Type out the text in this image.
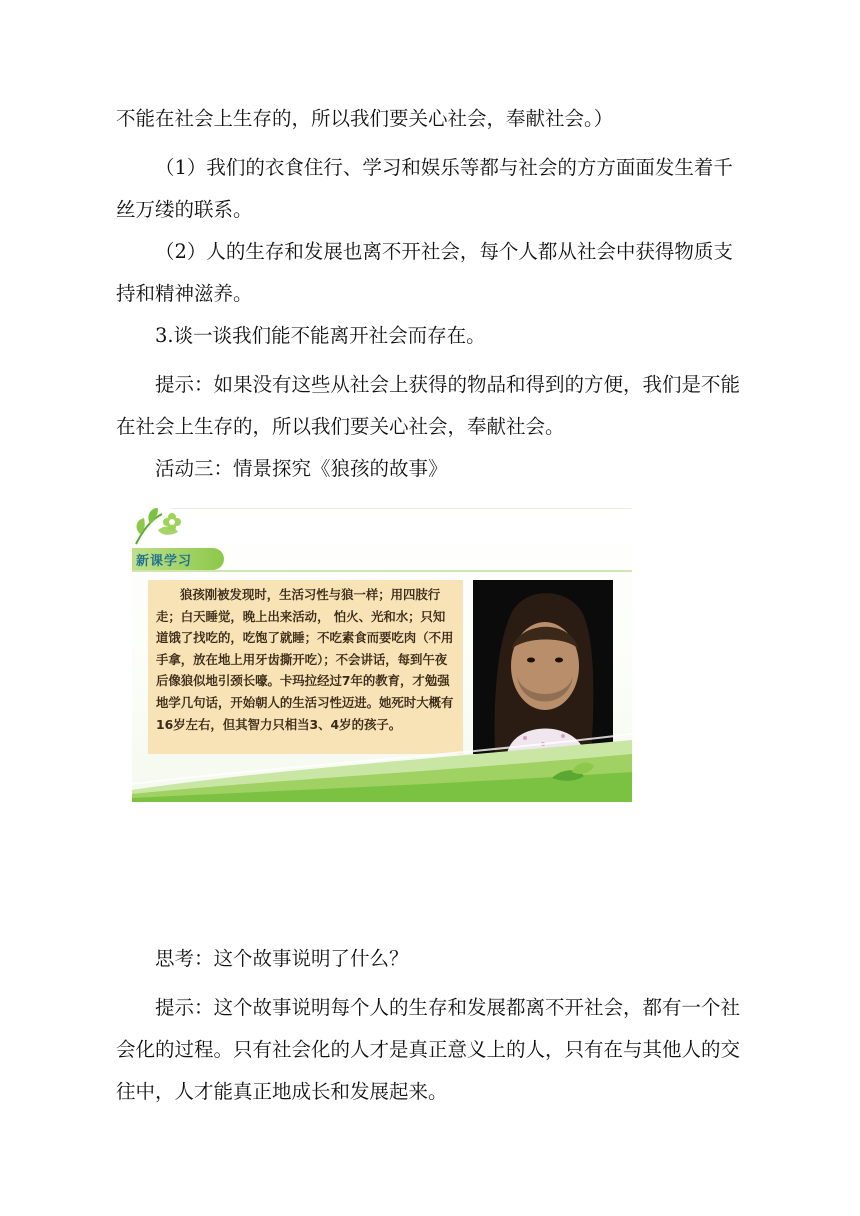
不能在社会上生存的，所以我们要关心社会，奉献社会。）

（1）我们的衣食住行、学习和娱乐等都与社会的方方面面发生着千丝万缕的联系。

（2）人的生存和发展也离不开社会，每个人都从社会中获得物质支持和精神滋养。

3.谈一谈我们能不能离开社会而存在。

提示：如果没有这些从社会上获得的物品和得到的方便，我们是不能在社会上生存的，所以我们要关心社会，奉献社会。

活动三：情景探究《狼孩的故事》

新课学习

狼孩刚被发现时，生活习性与狼一样；用四肢行走；白天睡觉，晚上出来活动， 怕火、光和水；只知道饿了找吃的，吃饱了就睡；不吃素食而要吃肉（不用手拿，放在地上用牙齿撕开吃）；不会讲话，每到午夜后像狼似地引颈长嚎。卡玛拉经过7年的教育，才勉强地学几句话，开始朝人的生活习性迈进。她死时大概有16岁左右，但其智力只相当3、4岁的孩子。

思考：这个故事说明了什么？

提示：这个故事说明每个人的生存和发展都离不开社会，都有一个社会化的过程。只有社会化的人才是真正意义上的人，只有在与其他人的交往中，人才能真正地成长和发展起来。
